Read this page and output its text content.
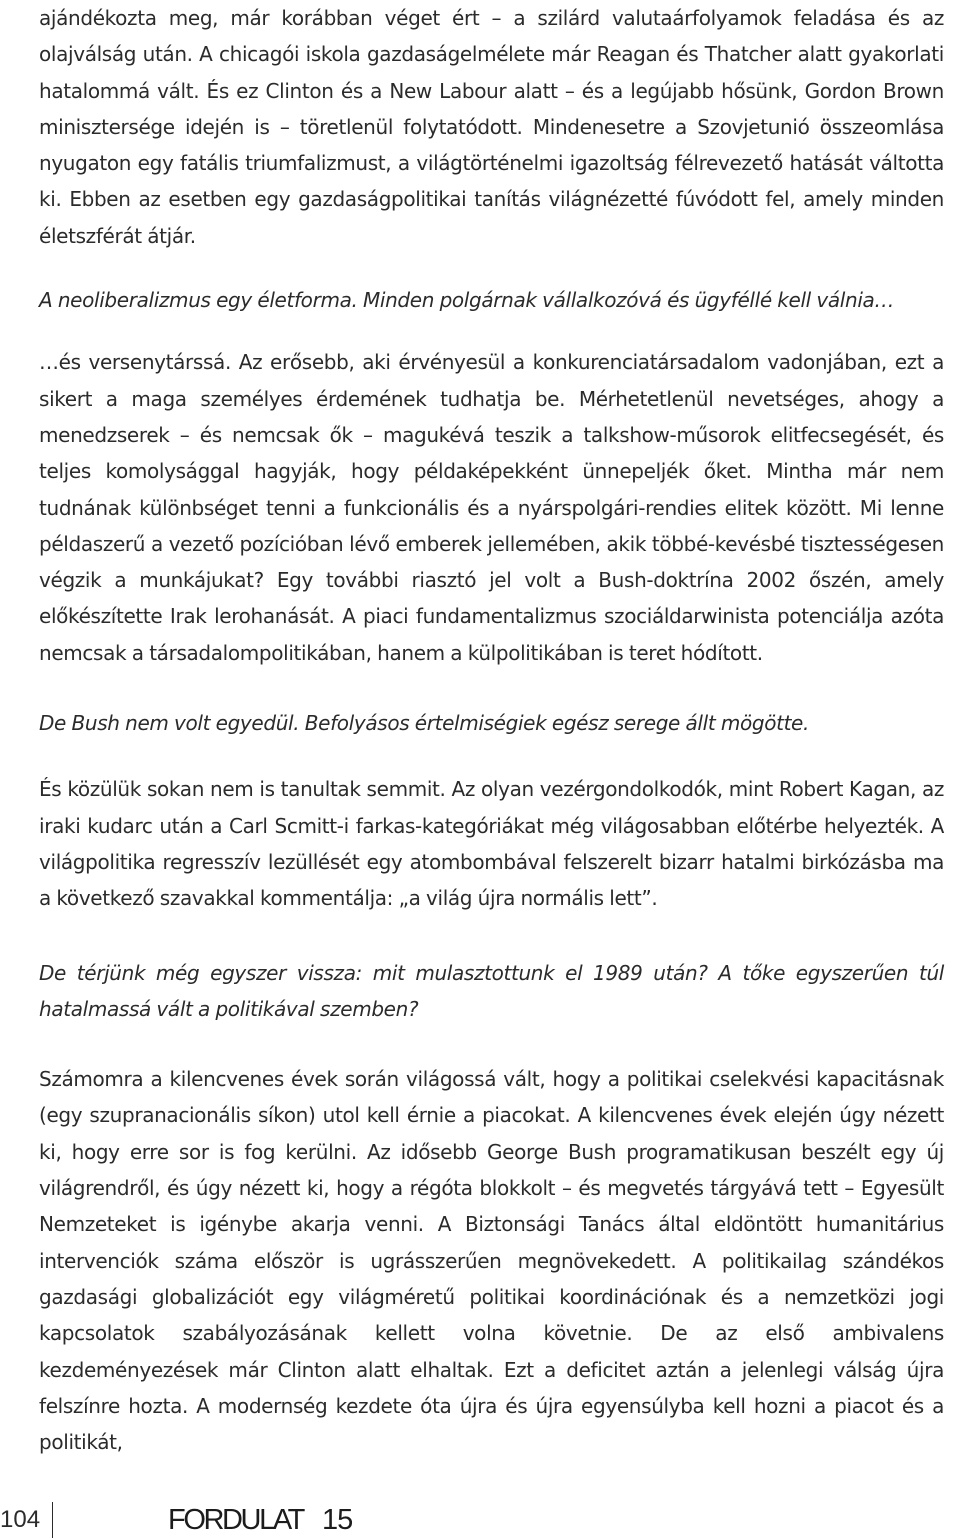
ajándékozta meg, már korábban véget ért – a szilárd valutaárfolyamok feladása és az olajválság után. A chicagói iskola gazdaságelmélete már Reagan és Thatcher alatt gyakorlati hatalommá vált. És ez Clinton és a New Labour alatt – és a legújabb hősünk, Gordon Brown minisztersége idején is – töretlenül folytatódott. Mindenesetre a Szovjetunió összeomlása nyugaton egy fatális triumfalizmust, a világtörténelmi igazoltság félrevezető hatását váltotta ki. Ebben az esetben egy gazdaságpolitikai tanítás világnézetté fúvódott fel, amely minden életszférát átjár.

A neoliberalizmus egy életforma. Minden polgárnak vállalkozóvá és ügyféllé kell válnia…

…és versenytárssá. Az erősebb, aki érvényesül a konkurenciatársadalom vadonjában, ezt a sikert a maga személyes érdemének tudhatja be. Mérhetetlenül nevetséges, ahogy a menedzserek – és nemcsak ők – magukévá teszik a talkshow-műsorok elitfecsegését, és teljes komolysággal hagyják, hogy példaképekként ünnepeljék őket. Mintha már nem tudnának különbséget tenni a funkcionális és a nyárspolgári-rendies elitek között. Mi lenne példaszerű a vezető pozícióban lévő emberek jellemében, akik többé-kevésbé tisztességesen végzik a munkájukat? Egy további riasztó jel volt a Bush-doktrína 2002 őszén, amely előkészítette Irak lerohanását. A piaci fundamentalizmus szociáldarwinista potenciálja azóta nemcsak a társadalompolitikában, hanem a külpolitikában is teret hódított.

De Bush nem volt egyedül. Befolyásos értelmiségiek egész serege állt mögötte.

És közülük sokan nem is tanultak semmit. Az olyan vezérgondolkodók, mint Robert Kagan, az iraki kudarc után a Carl Scmitt-i farkas-kategóriákat még világosabban előtérbe helyezték. A világpolitika regresszív lezüllését egy atombombával felszerelt bizarr hatalmi birkózásba ma a következő szavakkal kommentálja: „a világ újra normális lett”.

De térjünk még egyszer vissza: mit mulasztottunk el 1989 után? A tőke egyszerűen túl hatalmassá vált a politikával szemben?

Számomra a kilencvenes évek során világossá vált, hogy a politikai cselekvési kapacitásnak (egy szupranacionális síkon) utol kell érnie a piacokat. A kilencvenes évek elején úgy nézett ki, hogy erre sor is fog kerülni. Az idősebb George Bush programatikusan beszélt egy új világrendről, és úgy nézett ki, hogy a régóta blokkolt – és megvetés tárgyává tett – Egyesült Nemzeteket is igénybe akarja venni. A Biztonsági Tanács által eldöntött humanitárius intervenciók száma először is ugrásszerűen megnövekedett. A politikailag szándékos gazdasági globalizációt egy világméretű politikai koordinációnak és a nemzetközi jogi kapcsolatok szabályozásának kellett volna követnie. De az első ambivalens kezdeményezések már Clinton alatt elhaltak. Ezt a deficitet aztán a jelenlegi válság újra felszínre hozta. A modernség kezdete óta újra és újra egyensúlyba kell hozni a piacot és a politikát,

104	FORDULAT 15
